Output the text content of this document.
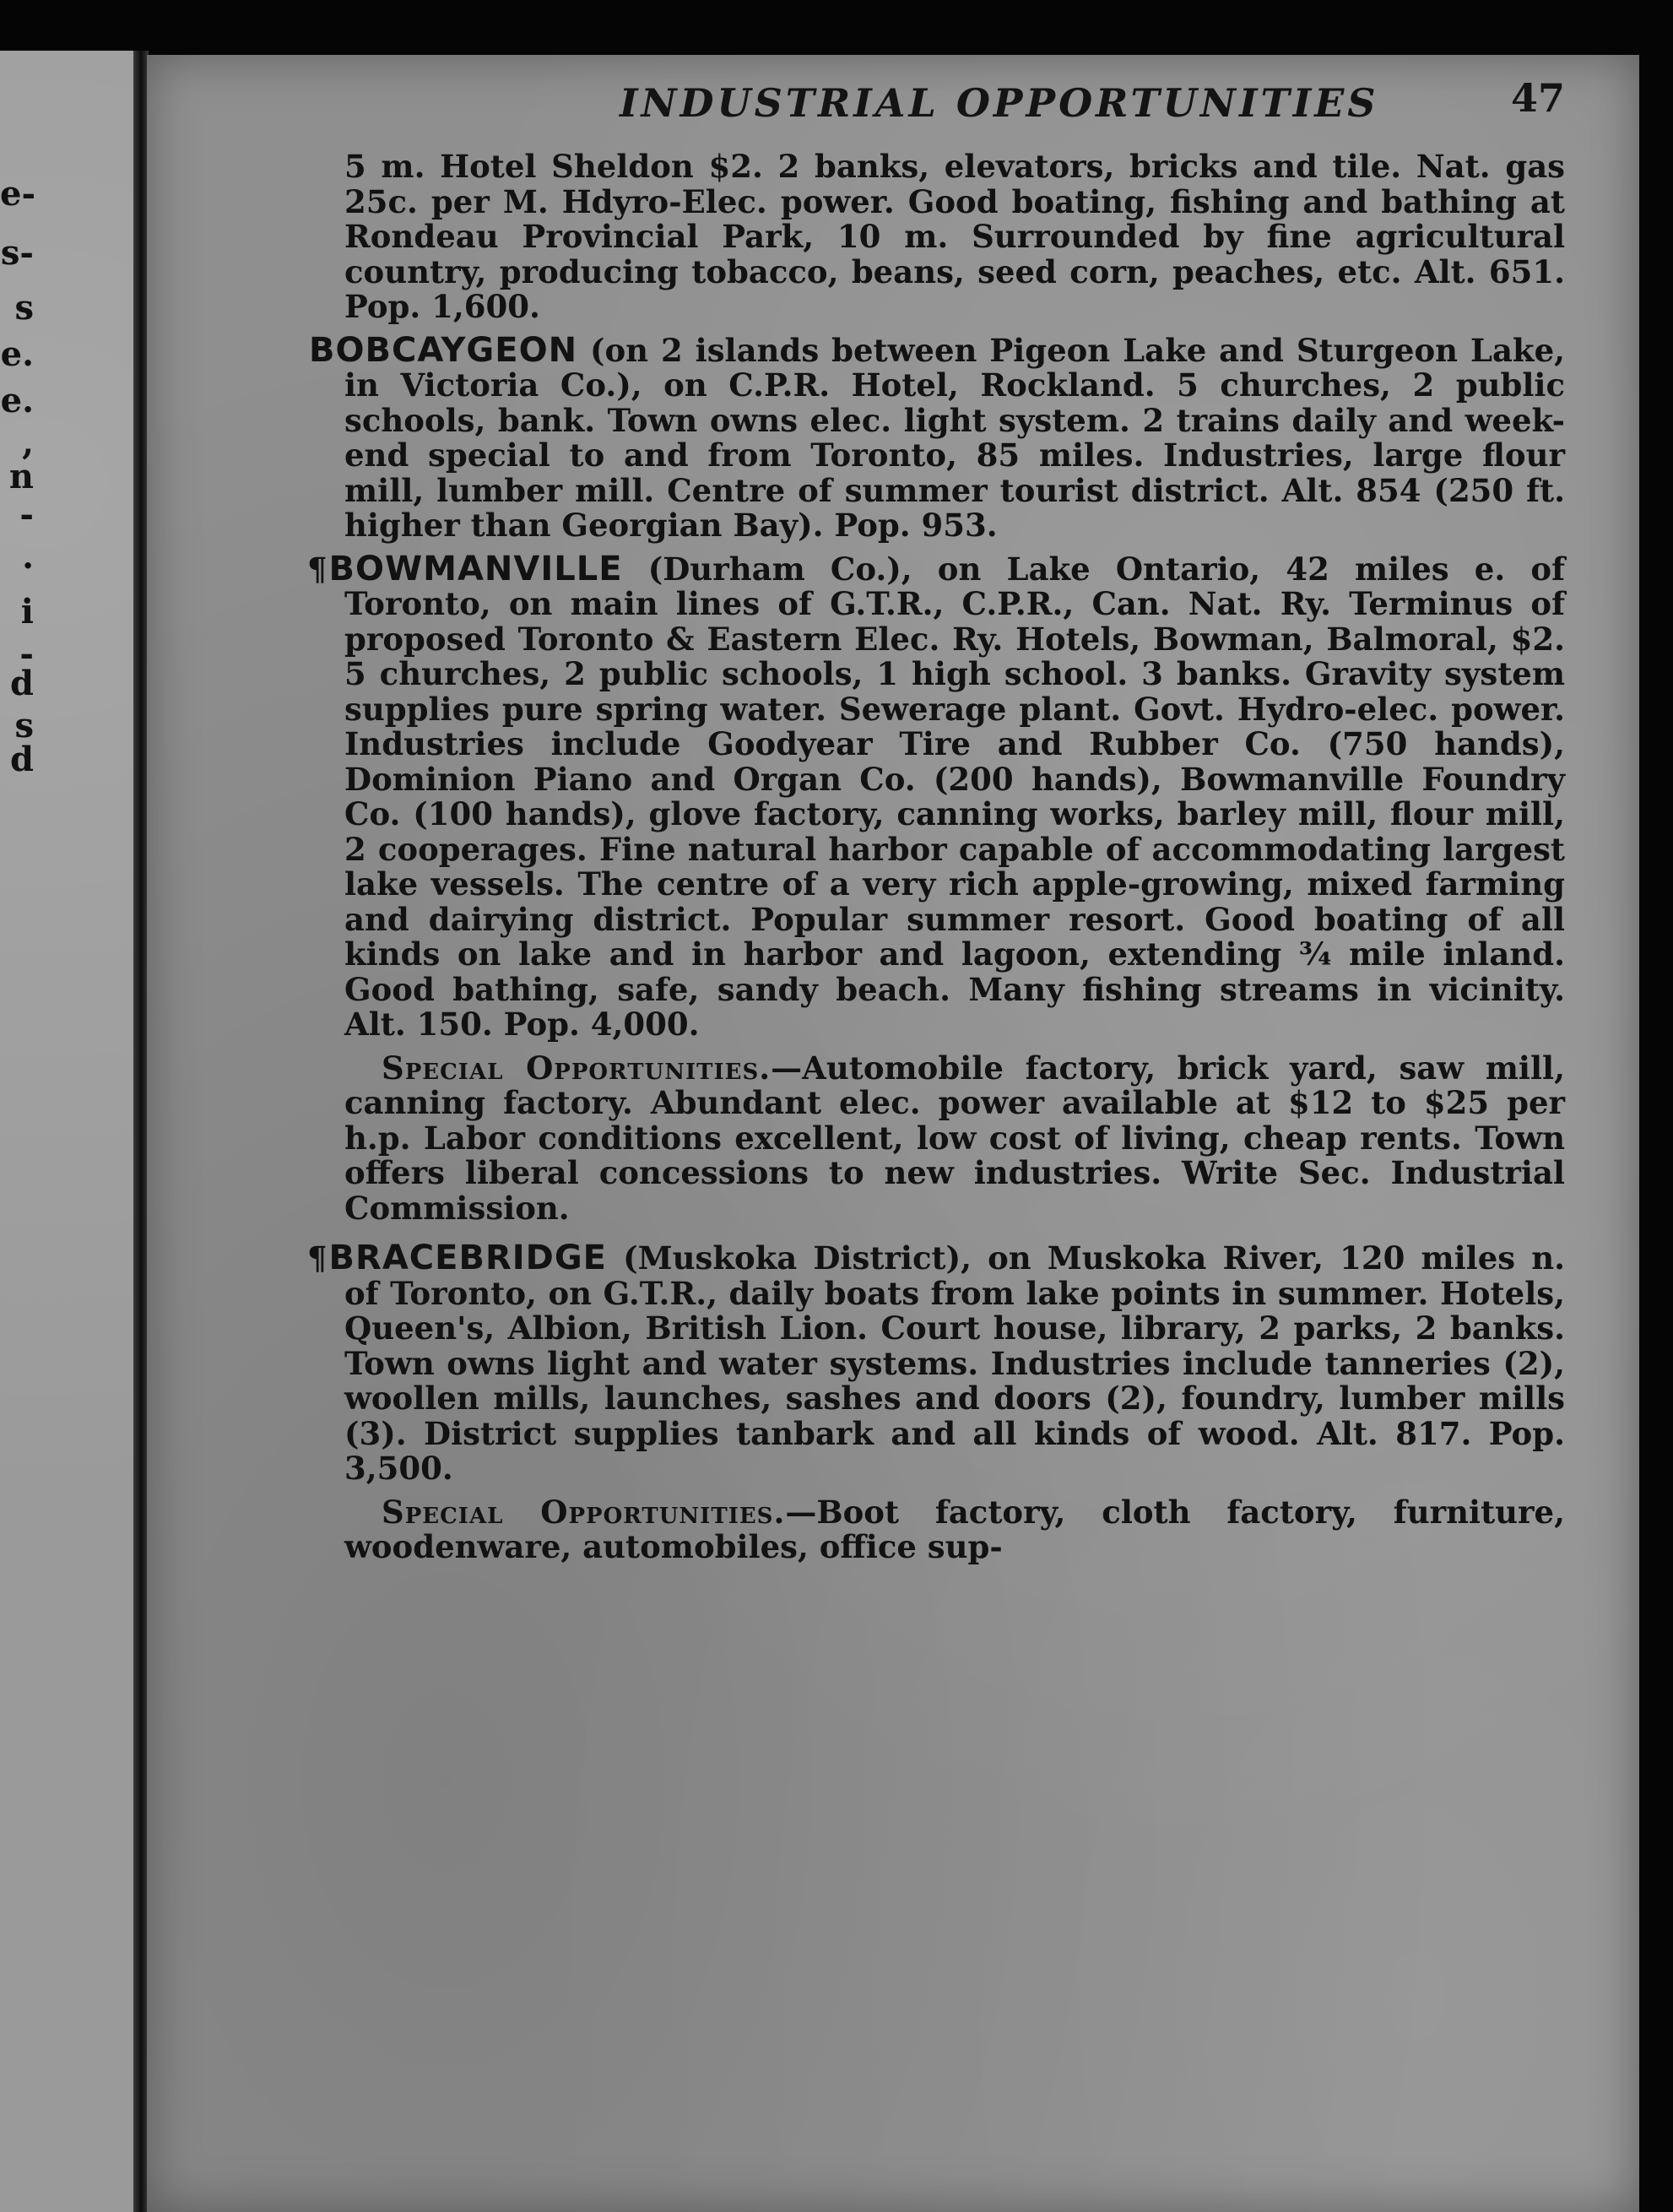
e-
s-
s
e.
e.
,
n
-
.
i
-
d
s
d
INDUSTRIAL OPPORTUNITIES	47

5 m. Hotel Sheldon $2. 2 banks, elevators, bricks and tile. Nat. gas 25c. per M. Hdyro-Elec. power. Good boating, fishing and bathing at Rondeau Provincial Park, 10 m. Surrounded by fine agricultural country, producing tobacco, beans, seed corn, peaches, etc. Alt. 651. Pop. 1,600.

BOBCAYGEON (on 2 islands between Pigeon Lake and Sturgeon Lake, in Victoria Co.), on C.P.R. Hotel, Rockland. 5 churches, 2 public schools, bank. Town owns elec. light system. 2 trains daily and week-end special to and from Toronto, 85 miles. Industries, large flour mill, lumber mill. Centre of summer tourist district. Alt. 854 (250 ft. higher than Georgian Bay). Pop. 953.

¶BOWMANVILLE (Durham Co.), on Lake Ontario, 42 miles e. of Toronto, on main lines of G.T.R., C.P.R., Can. Nat. Ry. Terminus of proposed Toronto & Eastern Elec. Ry. Hotels, Bowman, Balmoral, $2. 5 churches, 2 public schools, 1 high school. 3 banks. Gravity system supplies pure spring water. Sewerage plant. Govt. Hydro-elec. power. Industries include Goodyear Tire and Rubber Co. (750 hands), Dominion Piano and Organ Co. (200 hands), Bowmanville Foundry Co. (100 hands), glove factory, canning works, barley mill, flour mill, 2 cooperages. Fine natural harbor capable of accommodating largest lake vessels. The centre of a very rich apple-growing, mixed farming and dairying district. Popular summer resort. Good boating of all kinds on lake and in harbor and lagoon, extending ¾ mile inland. Good bathing, safe, sandy beach. Many fishing streams in vicinity. Alt. 150. Pop. 4,000.

Special Opportunities.—Automobile factory, brick yard, saw mill, canning factory. Abundant elec. power available at $12 to $25 per h.p. Labor conditions excellent, low cost of living, cheap rents. Town offers liberal concessions to new industries. Write Sec. Industrial Commission.

¶BRACEBRIDGE (Muskoka District), on Muskoka River, 120 miles n. of Toronto, on G.T.R., daily boats from lake points in summer. Hotels, Queen's, Albion, British Lion. Court house, library, 2 parks, 2 banks. Town owns light and water systems. Industries include tanneries (2), woollen mills, launches, sashes and doors (2), foundry, lumber mills (3). District supplies tanbark and all kinds of wood. Alt. 817. Pop. 3,500.

Special Opportunities.—Boot factory, cloth factory, furniture, woodenware, automobiles, office sup-
